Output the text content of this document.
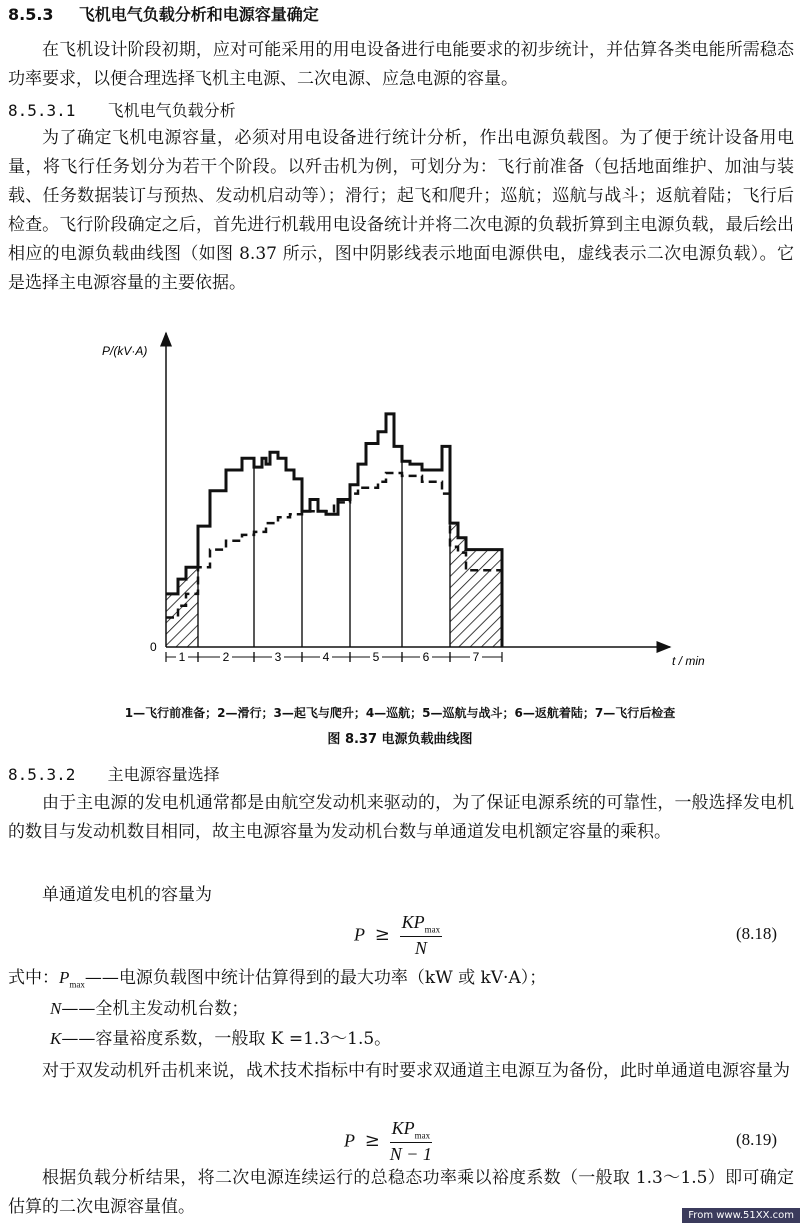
8.5.3 飞机电气负载分析和电源容量确定
在飞机设计阶段初期，应对可能采用的用电设备进行电能要求的初步统计，并估算各类电能所需稳态功率要求，以便合理选择飞机主电源、二次电源、应急电源的容量。
8.5.3.1 飞机电气负载分析
为了确定飞机电源容量，必须对用电设备进行统计分析，作出电源负载图。为了便于统计设备用电量，将飞行任务划分为若干个阶段。以歼击机为例，可划分为：飞行前准备（包括地面维护、加油与装载、任务数据装订与预热、发动机启动等）；滑行；起飞和爬升；巡航；巡航与战斗；返航着陆；飞行后检查。飞行阶段确定之后，首先进行机载用电设备统计并将二次电源的负载折算到主电源负载，最后绘出相应的电源负载曲线图（如图 8.37 所示，图中阴影线表示地面电源供电，虚线表示二次电源负载）。它是选择主电源容量的主要依据。
P/(kV·A)
t / min
0
1	2	3	4	5	6	7
1—飞行前准备；2—滑行；3—起飞与爬升；4—巡航；5—巡航与战斗；6—返航着陆；7—飞行后检查
图 8.37 电源负载曲线图
8.5.3.2 主电源容量选择
由于主电源的发电机通常都是由航空发动机来驱动的，为了保证电源系统的可靠性，一般选择发电机的数目与发动机数目相同，故主电源容量为发动机台数与单通道发电机额定容量的乘积。
单通道发电机的容量为
$P \ge \frac{KP_{max}}{N}$	(8.18)
式中：$P_{max}——$电源负载图中统计估算得到的最大功率（kW 或 kV·A）；
N——全机主发动机台数；
K——容量裕度系数，一般取 K =1.3～1.5。
对于双发动机歼击机来说，战术技术指标中有时要求双通道主电源互为备份，此时单通道电源容量为
$P \ge \frac{KP_{max}}{N - 1}$	(8.19)
根据负载分析结果，将二次电源连续运行的总稳态功率乘以裕度系数（一般取 1.3～1.5）即可确定估算的二次电源容量值。	From www.51XX.com
